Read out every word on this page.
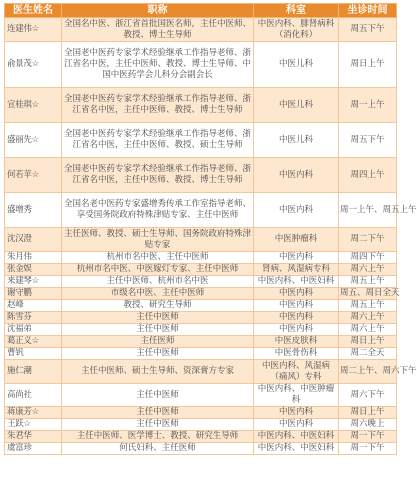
医生姓名	职称	科室	坐诊时间
连建伟☆	全国名中医、浙江省首批国医名师，主任中医师、教授、博士生导师	中医内科、腓肾病科（消化科）	周五下午
俞景茂☆	全国老中医药专家学术经验继承工作指导老师、浙江省名中医，主任中医师、教授、博士生导师、中国中医药学会儿科分会副会长	中医儿科	周日上午
宣桂琪☆	全国老中医药专家学术经验继承工作指导老师、浙江省名中医，主任中医师、教授、博士生导师	中医儿科	周一上午
盛丽先☆	全国老中医药专家学术经验继承工作指导老师、浙江省名中医，主任中医师、教授、硕士生导师	中医儿科	周五下午
何若苹☆	全国老中医药专家学术经验继承工作指导老师、浙江省名中医，主任中医师、教授、博士生导师	中医内科	周四上午
盛增秀	全国名老中医药专家盛增秀传承工作室指导老师、享受国务院政府特殊津贴专家、主任中医师	中医内科	周一上午、周五上午
沈汉澄	主任医师、教授、硕士生导师、国务院政府特殊津贴专家	中医肿瘤科	周二下午
朱月伟	杭州市名中医、主任中医师	中医内科	周四下午
张金娱	杭州市名中医、中医嫁灯专家、主任中医师	肾病、风湿病专科	周六上午
来建琴☆	主任中医师、杭州市名中医	中医内科、中医妇科	周五上午
谢守鹏	市级名中医、主任中医师	中医内科	周五、周日全天
赵峰	教授、研究生导师	中医内科	周五上午
陈雪芬	主任中医师	中医内科	周六上午
沈福弟	主任中医师	中医内科	周六上午
葛正义☆	主任医师	中医皮肤科	周日上午
曹钒	主任中医师	中医骨伤科	周二全天
施仁潮	主任中医师、硕士生导师、资深膏方专家	中医内科、风湿病（痛风）专科	周二上午、周六下午
高尚社	主任中医师	中医内科、中医肿瘤科	周六下午
蒋康芳☆	主任中医师	中医内科	周日上午
王跃☆	主任中医师	中医内科	周六晚上
朱君华	主任中医师、医学博士、教授、研究生导师	中医内科、中医妇科	周一下午
虞富珍	何氏妇科、主任医师	中医内科、中医妇科	周一下午
